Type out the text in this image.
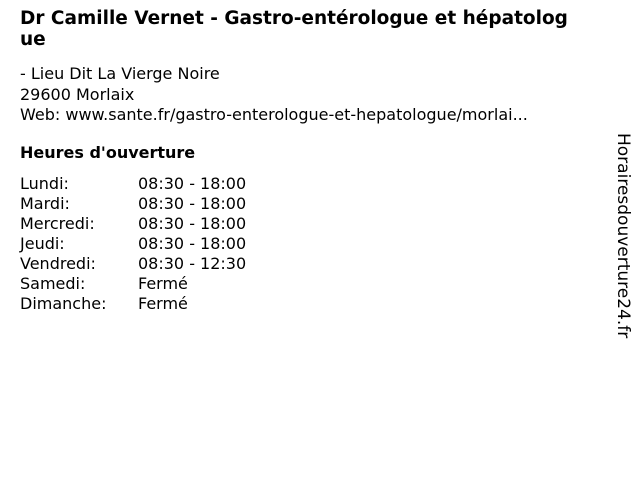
Dr Camille Vernet - Gastro-entérologue et hépatologue
- Lieu Dit La Vierge Noire
29600 Morlaix
Web: www.sante.fr/gastro-enterologue-et-hepatologue/morlai...
Heures d'ouverture
Lundi:	08:30 - 18:00
Mardi:	08:30 - 18:00
Mercredi:	08:30 - 18:00
Jeudi:	08:30 - 18:00
Vendredi:	08:30 - 12:30
Samedi:	Fermé
Dimanche: Fermé	Horairesdouverture24.fr
